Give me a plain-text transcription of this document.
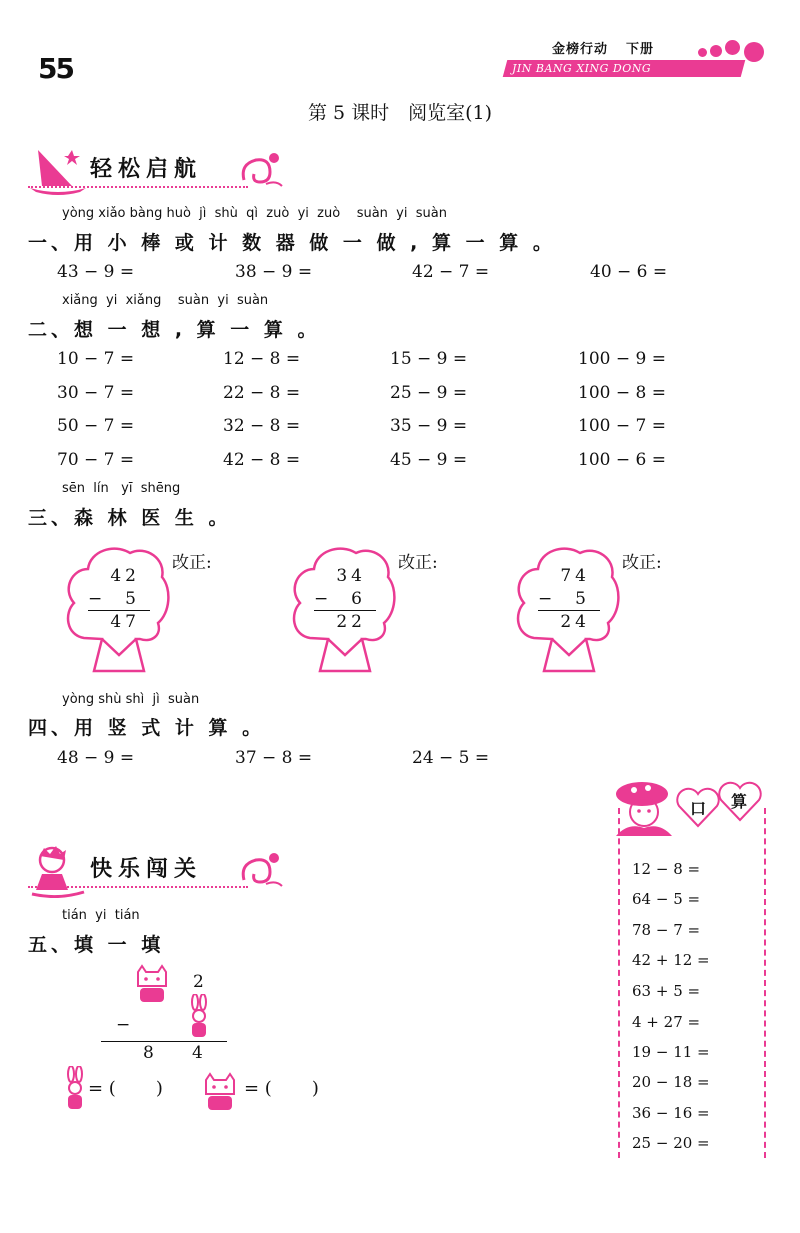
55
金榜行动 下册
JIN BANG XING DONG
第 5 课时　阅览室(1)
轻松启航
yòng xiǎo bàng huò  jì  shù  qì  zuò  yi  zuò    suàn  yi  suàn
一、用 小 棒 或 计 数 器 做 一 做 , 算 一 算 。
43 − 9 =	38 − 9 =	42 − 7 =	40 − 6 =
xiǎng  yi  xiǎng    suàn  yi  suàn
二、想 一 想 , 算 一 算 。
10 − 7 =	12 − 8 =	15 − 9 =	100 − 9 =
30 − 7 =	22 − 8 =	25 − 9 =	100 − 8 =
50 − 7 =	32 − 8 =	35 − 9 =	100 − 7 =
70 − 7 =	42 − 8 =	45 − 9 =	100 − 6 =
sēn  lín   yī  shēng
三、森 林 医 生 。
42
−	5
47
改正:
34
−	6
22
改正:
74
−	5
24
改正:
yòng shù shì  jì  suàn
四、用 竖 式 计 算 。
48 − 9 =	37 − 8 =	24 − 5 =
口 算
12 − 8 =
64 − 5 =
78 − 7 =
42 + 12 =
63 + 5 =
4 + 27 =
19 − 11 =
20 − 18 =
36 − 16 =
25 − 20 =
快乐闯关
tián  yi  tián
五、填 一 填
2
−
8 4
= (       )	= (       )
